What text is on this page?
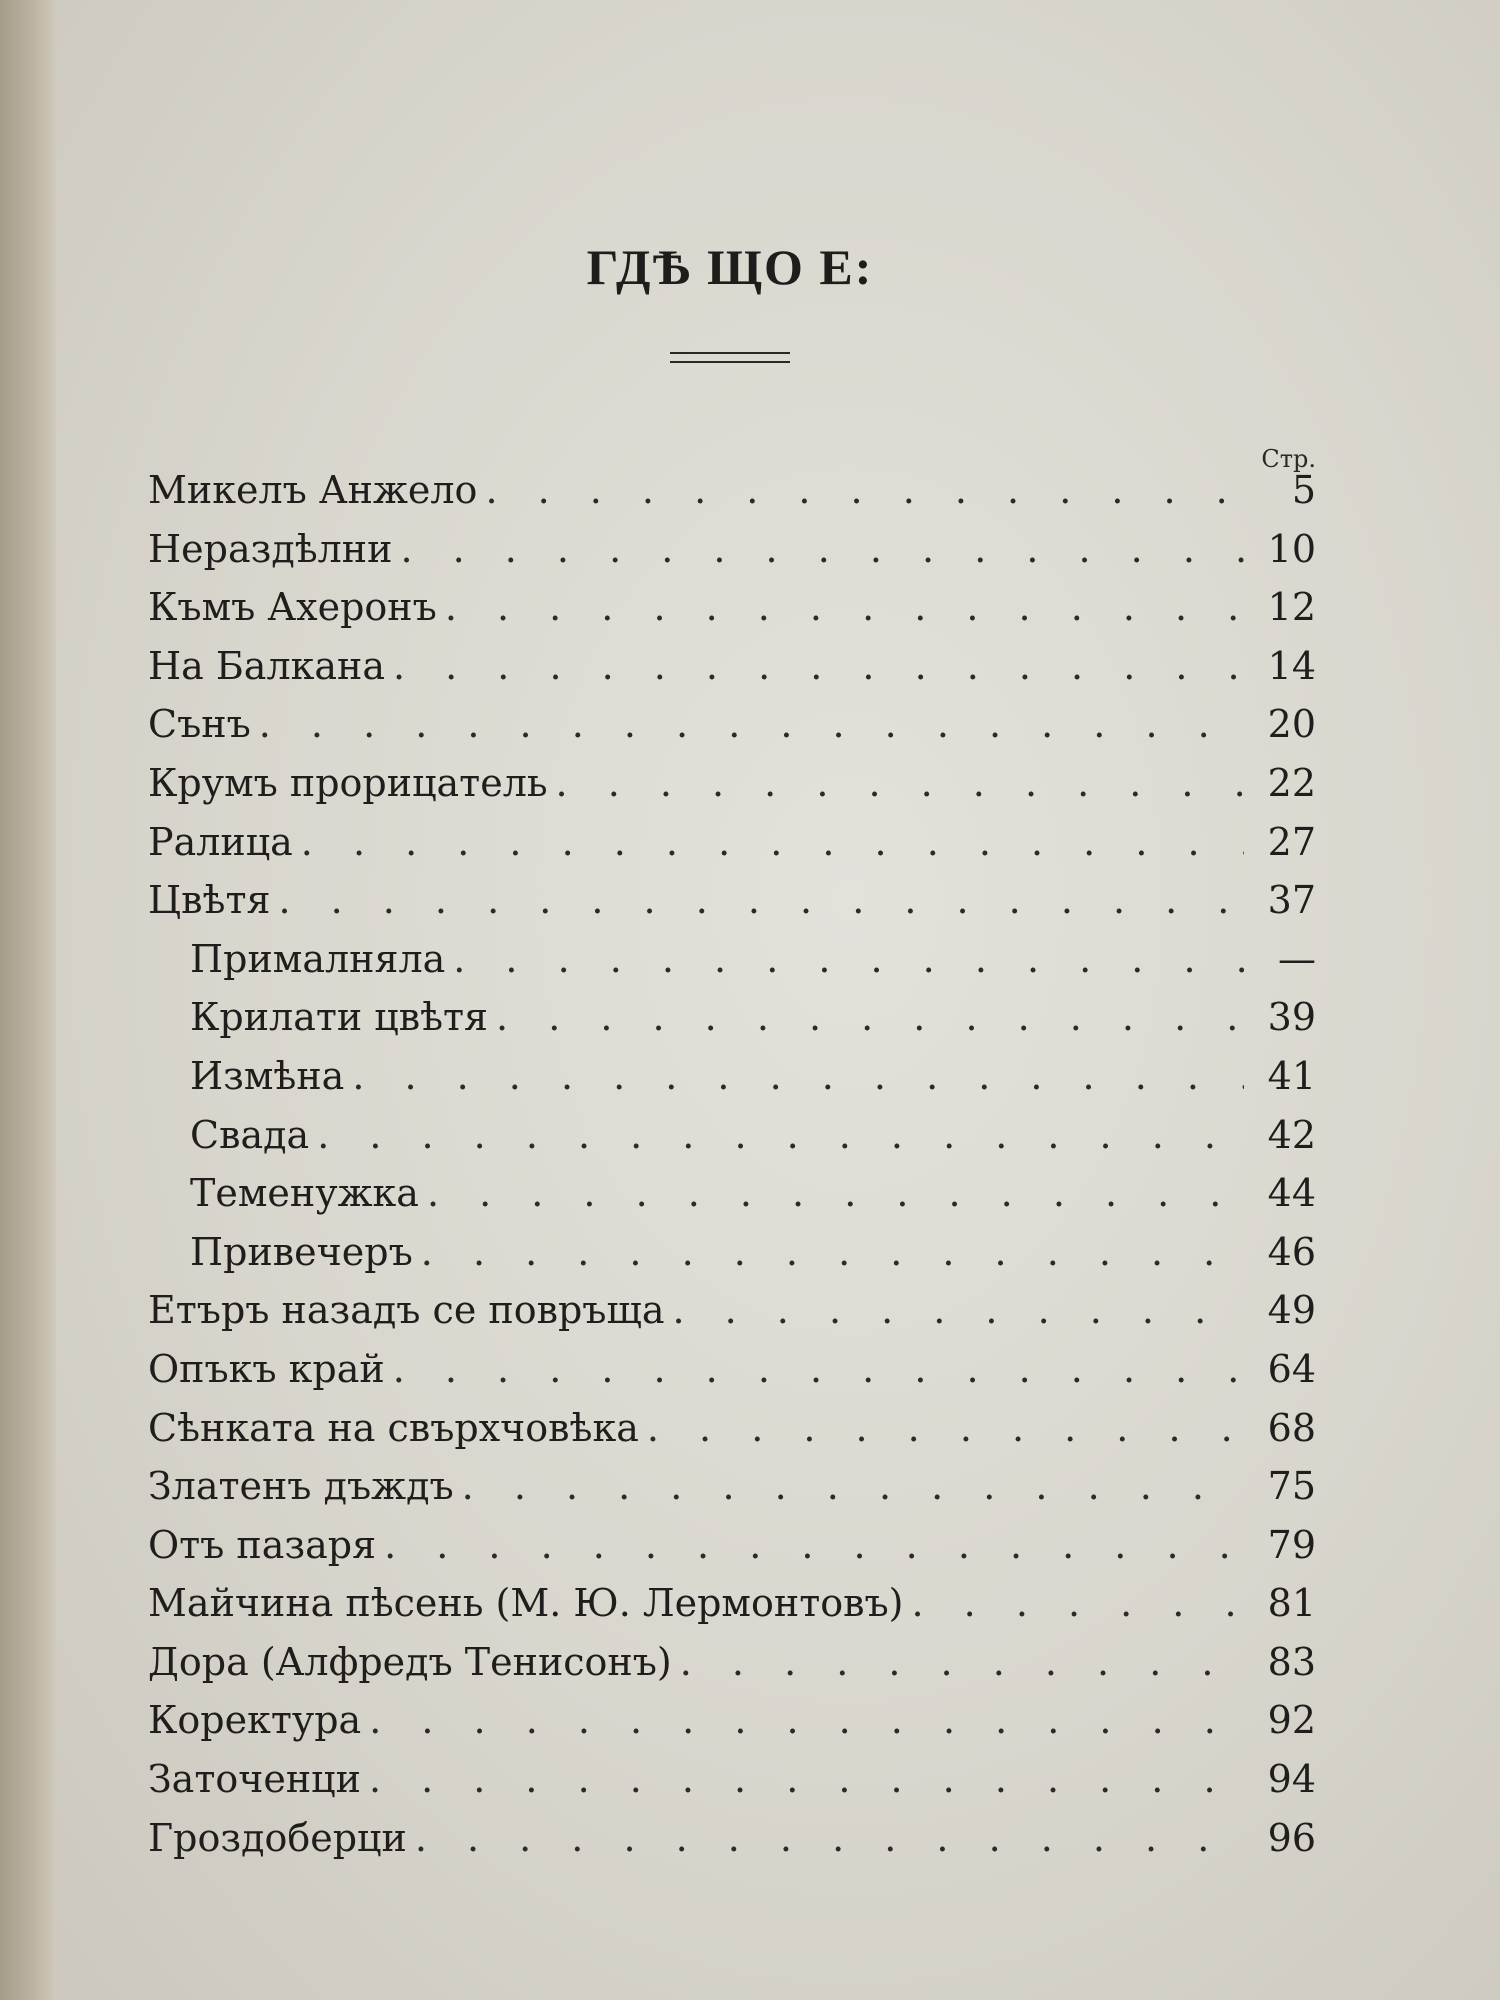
ГДѢ ЩО Е:
Стр.
Микелъ Анжело . . .	5
Нераздѣлни . . .	10
Къмъ Ахеронъ . . .	12
На Балкана . . .	14
Сънъ . . .	20
Крумъ прорицатель . . .	22
Ралица . . .	27
Цвѣтя . . .	37
Прималняла . . .	—
Крилати цвѣтя . . .	39
Измѣна . . .	41
Свада . . .	42
Теменужка . . .	44
Привечеръ . . .	46
Етъръ назадъ се повръща . . .	49
Опъкъ край . . .	64
Сѣнката на свърхчовѣка . . .	68
Златенъ дъждъ . . .	75
Отъ пазаря . . .	79
Майчина пѣсень (М. Ю. Лермонтовъ) . . .	81
Дора (Алфредъ Тенисонъ) . . .	83
Коректура . . .	92
Заточенци . . .	94
Гроздоберци . . .	96
